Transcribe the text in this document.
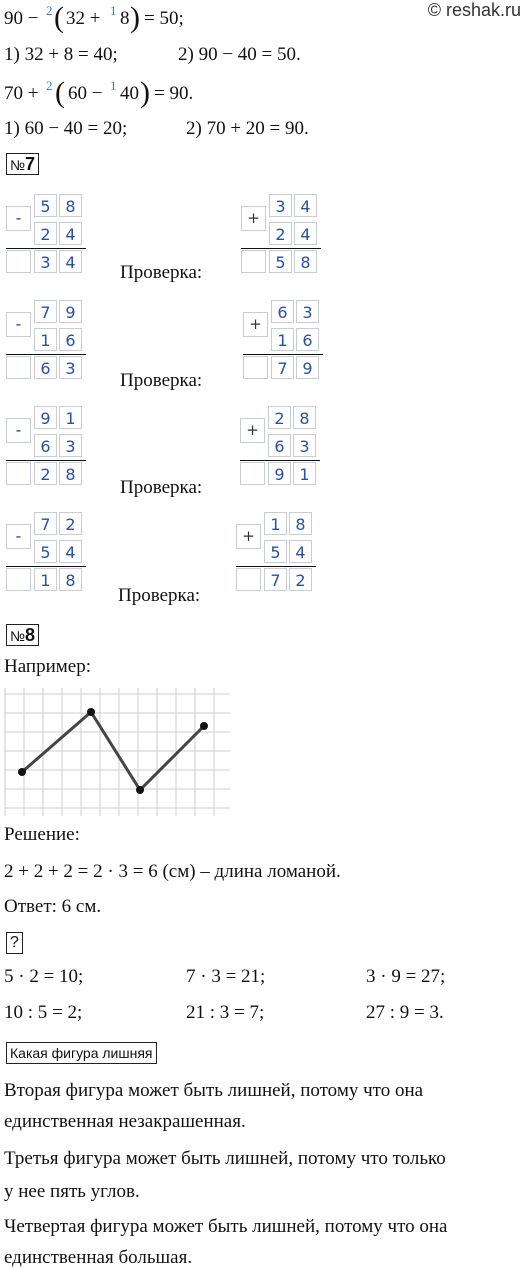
© reshak.ru
90 − 2 ( 32 + 1 8 ) = 50;
1) 32 + 8 = 40;	2) 90 − 40 = 50.
70 + 2 ( 60 − 1 40 ) = 90.
1) 60 − 40 = 20;	2) 70 + 20 = 90.
№7
-
5 8
2 4
3 4
+
3 4
2 4
5 8
Проверка:
-
7 9
1 6
6 3
+
6 3
1 6
7 9
Проверка:
-
9 1
6 3
2 8
+
2 8
6 3
9 1
Проверка:
-
7 2
5 4
1 8
+
1 8
5 4
7 2
Проверка:
№8
Например:
Решение:
2 + 2 + 2 = 2 · 3 = 6 (см) – длина ломаной.
Ответ: 6 см.
?
5 · 2 = 10;	7 · 3 = 21;	3 · 9 = 27;
10 : 5 = 2;	21 : 3 = 7;	27 : 9 = 3.
Какая фигура лишняя
Вторая фигура может быть лишней, потому что она
единственная незакрашенная.
Третья фигура может быть лишней, потому что только
у нее пять углов.
Четвертая фигура может быть лишней, потому что она
единственная большая.
